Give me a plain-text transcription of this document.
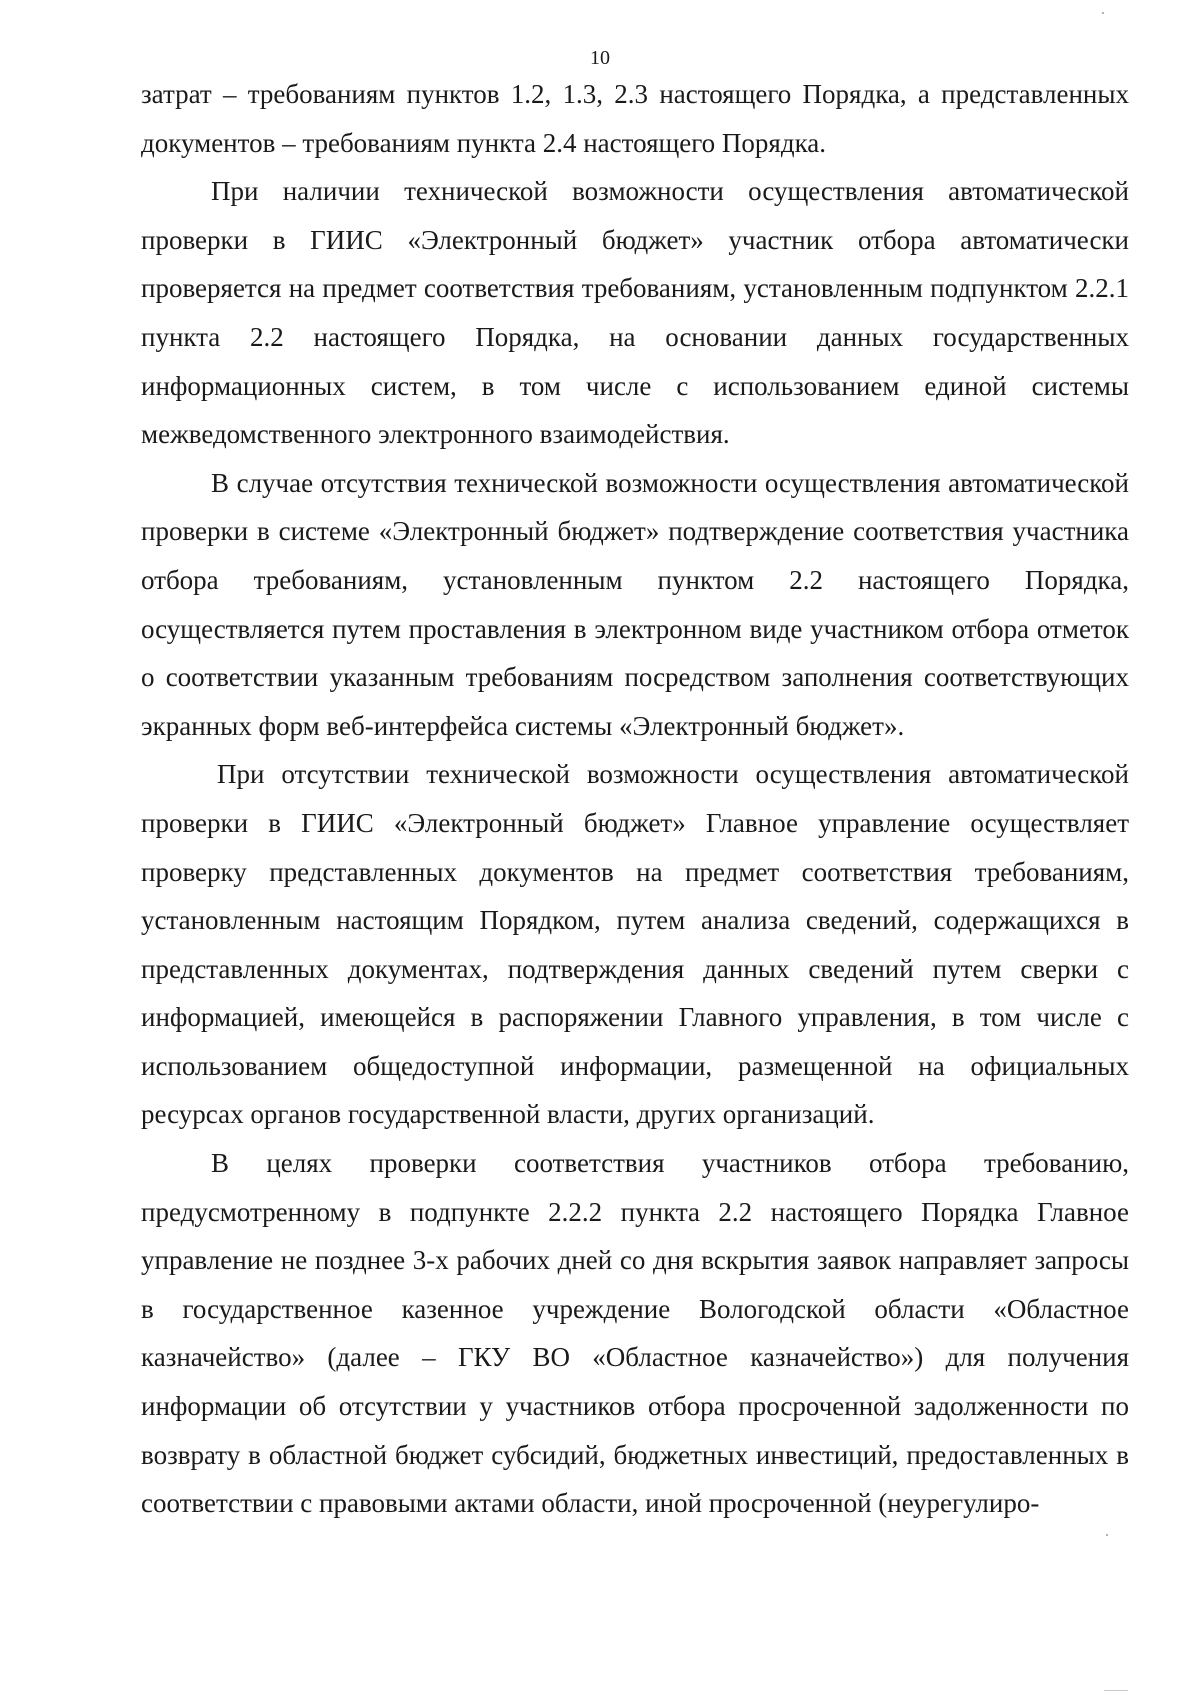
10

затрат – требованиям пунктов 1.2, 1.3, 2.3 настоящего Порядка, а представленных документов – требованиям пункта 2.4 настоящего Порядка.

При наличии технической возможности осуществления автоматической проверки в ГИИС «Электронный бюджет» участник отбора автоматически проверяется на предмет соответствия требованиям, установленным подпунктом 2.2.1 пункта 2.2 настоящего Порядка, на основании данных государственных информационных систем, в том числе с использованием единой системы межведомственного электронного взаимодействия.

В случае отсутствия технической возможности осуществления автоматической проверки в системе «Электронный бюджет» подтверждение соответствия участника отбора требованиям, установленным пунктом 2.2 настоящего Порядка, осуществляется путем проставления в электронном виде участником отбора отметок о соответствии указанным требованиям посредством заполнения соответствующих экранных форм веб-интерфейса системы «Электронный бюджет».

При отсутствии технической возможности осуществления автоматической проверки в ГИИС «Электронный бюджет» Главное управление осуществляет проверку представленных документов на предмет соответствия требованиям, установленным настоящим Порядком, путем анализа сведений, содержащихся в представленных документах, подтверждения данных сведений путем сверки с информацией, имеющейся в распоряжении Главного управления, в том числе с использованием общедоступной информации, размещенной на официальных ресурсах органов государственной власти, других организаций.

В целях проверки соответствия участников отбора требованию, предусмотренному в подпункте 2.2.2 пункта 2.2 настоящего Порядка Главное управление не позднее 3-х рабочих дней со дня вскрытия заявок направляет запросы в государственное казенное учреждение Вологодской области «Областное казначейство» (далее – ГКУ ВО «Областное казначейство») для получения информации об отсутствии у участников отбора просроченной задолженности по возврату в областной бюджет субсидий, бюджетных инвестиций, предоставленных в соответствии с правовыми актами области, иной просроченной (неурегулиро-
